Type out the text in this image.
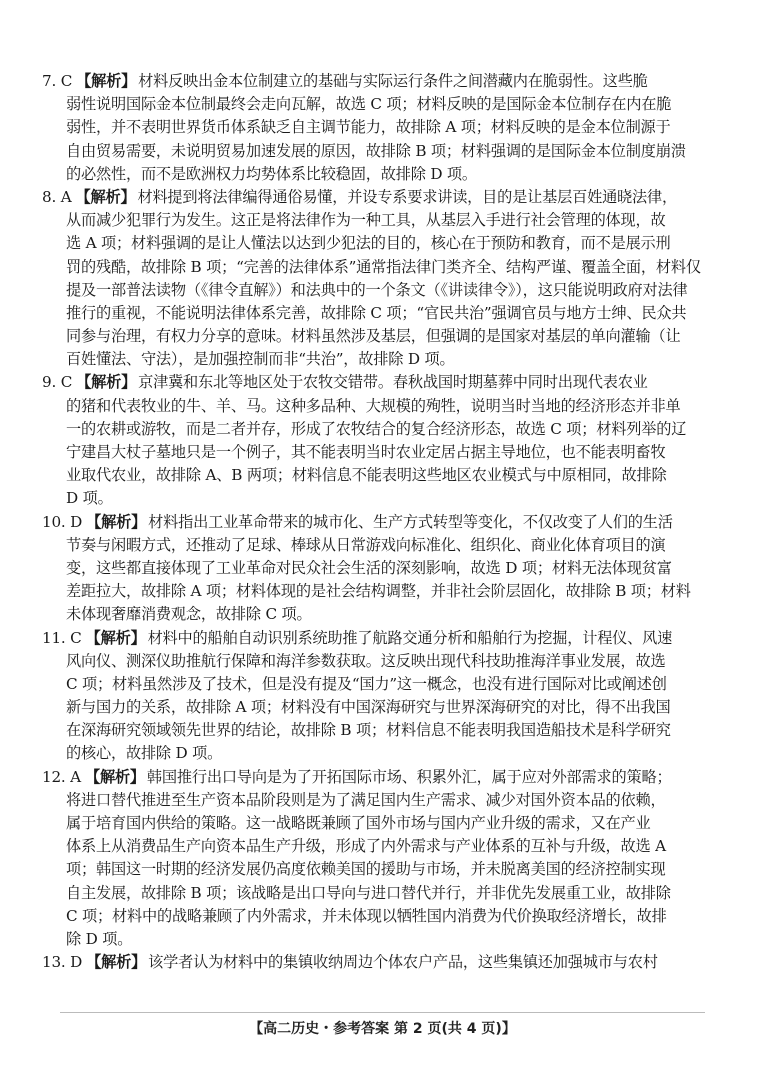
7. C 【解析】 材料反映出金本位制建立的基础与实际运行条件之间潜藏内在脆弱性。这些脆
弱性说明国际金本位制最终会走向瓦解，故选 C 项；材料反映的是国际金本位制存在内在脆
弱性，并不表明世界货币体系缺乏自主调节能力，故排除 A 项；材料反映的是金本位制源于
自由贸易需要，未说明贸易加速发展的原因，故排除 B 项；材料强调的是国际金本位制度崩溃
的必然性，而不是欧洲权力均势体系比较稳固，故排除 D 项。
8. A 【解析】 材料提到将法律编得通俗易懂，并设专系要求讲读，目的是让基层百姓通晓法律，
从而减少犯罪行为发生。这正是将法律作为一种工具，从基层入手进行社会管理的体现，故
选 A 项；材料强调的是让人懂法以达到少犯法的目的，核心在于预防和教育，而不是展示刑
罚的残酷，故排除 B 项；“完善的法律体系”通常指法律门类齐全、结构严谨、覆盖全面，材料仅
提及一部普法读物（《律令直解》）和法典中的一个条文（《讲读律令》），这只能说明政府对法律
推行的重视，不能说明法律体系完善，故排除 C 项；“官民共治”强调官员与地方士绅、民众共
同参与治理，有权力分享的意味。材料虽然涉及基层，但强调的是国家对基层的单向灌输（让
百姓懂法、守法），是加强控制而非“共治”，故排除 D 项。
9. C 【解析】 京津冀和东北等地区处于农牧交错带。春秋战国时期墓葬中同时出现代表农业
的猪和代表牧业的牛、羊、马。这种多品种、大规模的殉牲，说明当时当地的经济形态并非单
一的农耕或游牧，而是二者并存，形成了农牧结合的复合经济形态，故选 C 项；材料列举的辽
宁建昌大杖子墓地只是一个例子，其不能表明当时农业定居占据主导地位，也不能表明畜牧
业取代农业，故排除 A、B 两项；材料信息不能表明这些地区农业模式与中原相同，故排除
D 项。
10. D 【解析】 材料指出工业革命带来的城市化、生产方式转型等变化，不仅改变了人们的生活
节奏与闲暇方式，还推动了足球、棒球从日常游戏向标准化、组织化、商业化体育项目的演
变，这些都直接体现了工业革命对民众社会生活的深刻影响，故选 D 项；材料无法体现贫富
差距拉大，故排除 A 项；材料体现的是社会结构调整，并非社会阶层固化，故排除 B 项；材料
未体现奢靡消费观念，故排除 C 项。
11. C 【解析】 材料中的船舶自动识别系统助推了航路交通分析和船舶行为挖掘，计程仪、风速
风向仪、测深仪助推航行保障和海洋参数获取。这反映出现代科技助推海洋事业发展，故选
C 项；材料虽然涉及了技术，但是没有提及“国力”这一概念，也没有进行国际对比或阐述创
新与国力的关系，故排除 A 项；材料没有中国深海研究与世界深海研究的对比，得不出我国
在深海研究领域领先世界的结论，故排除 B 项；材料信息不能表明我国造船技术是科学研究
的核心，故排除 D 项。
12. A 【解析】 韩国推行出口导向是为了开拓国际市场、积累外汇，属于应对外部需求的策略；
将进口替代推进至生产资本品阶段则是为了满足国内生产需求、减少对国外资本品的依赖，
属于培育国内供给的策略。这一战略既兼顾了国外市场与国内产业升级的需求，又在产业
体系上从消费品生产向资本品生产升级，形成了内外需求与产业体系的互补与升级，故选 A
项；韩国这一时期的经济发展仍高度依赖美国的援助与市场，并未脱离美国的经济控制实现
自主发展，故排除 B 项；该战略是出口导向与进口替代并行，并非优先发展重工业，故排除
C 项；材料中的战略兼顾了内外需求，并未体现以牺牲国内消费为代价换取经济增长，故排
除 D 项。
13. D 【解析】 该学者认为材料中的集镇收纳周边个体农户产品，这些集镇还加强城市与农村
【高二历史・参考答案 第 2 页(共 4 页)】
